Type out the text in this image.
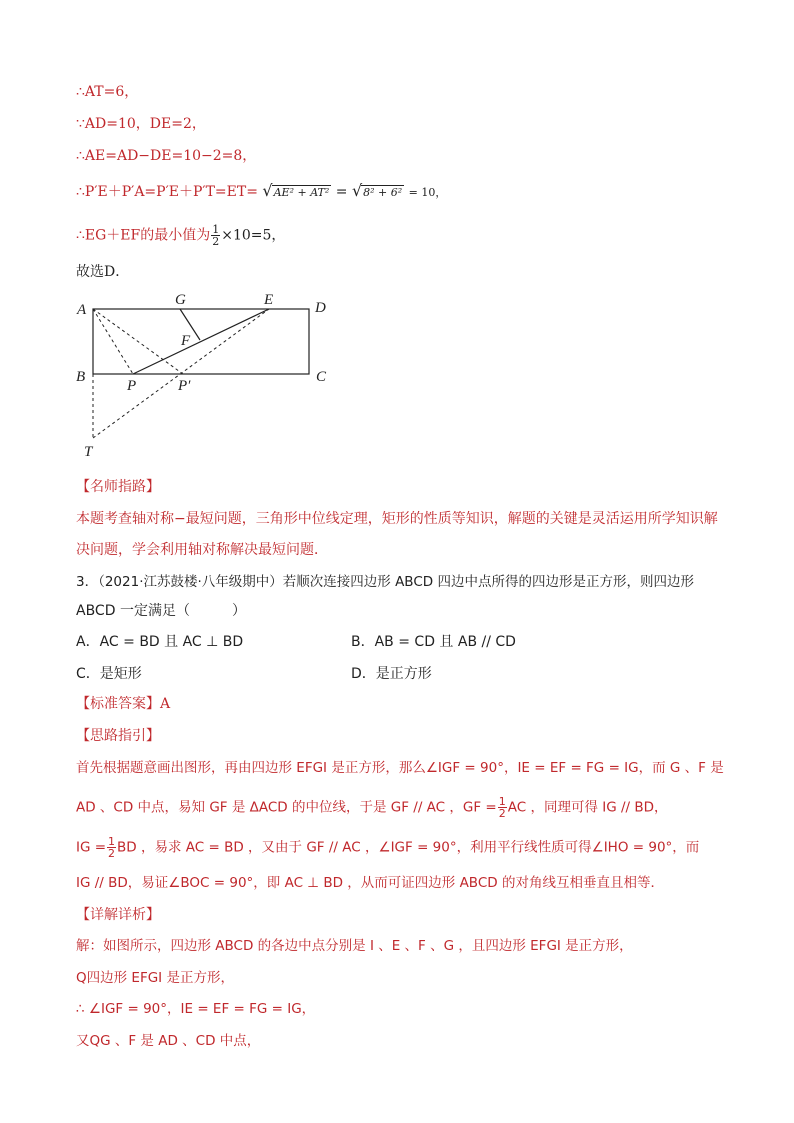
∴AT=6，
∵AD=10，DE=2，
∴AE=AD−DE=10−2=8，
∴P′E＋P′A=P′E＋P′T=ET= √AE² + AT² = √8² + 6² = 10，
∴EG＋EF的最小值为 $\frac{1}{2} \times 10=5$，
故选D．
A
G	E	D
F
B
P	P′
C
T
【名师指路】
本题考查轴对称−最短问题，三角形中位线定理，矩形的性质等知识，解题的关键是灵活运用所学知识解
决问题，学会利用轴对称解决最短问题．
3．（2021·江苏鼓楼·八年级期中）若顺次连接四边形 ABCD 四边中点所得的四边形是正方形，则四边形
ABCD 一定满足（　　　）
A．AC = BD 且 AC ⊥ BD	B．AB = CD 且 AB // CD
C．是矩形	D．是正方形
【标准答案】A
【思路指引】
首先根据题意画出图形，再由四边形 EFGI 是正方形，那么∠IGF = 90°，IE = EF = FG = IG，而 G 、F 是
AD 、CD 中点，易知 GF 是 ΔACD 的中位线，于是 GF // AC ，GF = $\frac{1}{2}$ AC ，同理可得 IG // BD，
IG = $\frac{1}{2}$ BD ，易求 AC = BD ，又由于 GF // AC ，∠IGF = 90°，利用平行线性质可得∠IHO = 90°，而
IG // BD，易证∠BOC = 90°，即 AC ⊥ BD ，从而可证四边形 ABCD 的对角线互相垂直且相等．
【详解详析】
解：如图所示，四边形 ABCD 的各边中点分别是 I 、E 、F 、G ，且四边形 EFGI 是正方形，
Q四边形 EFGI 是正方形，
∴ ∠IGF = 90°，IE = EF = FG = IG，
又QG 、F 是 AD 、CD 中点，
